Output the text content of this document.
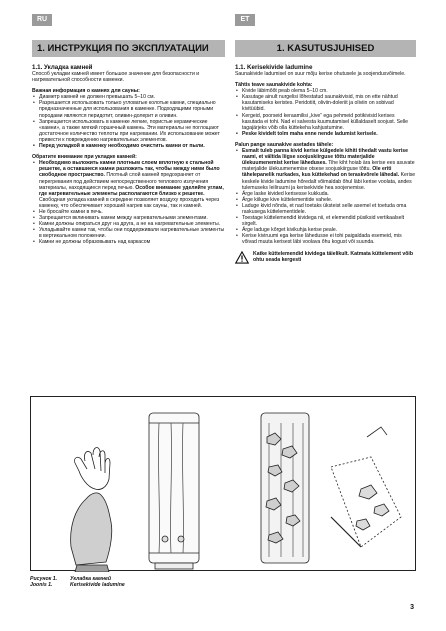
RU	ET
1. ИНСТРУКЦИЯ ПО ЭКСПЛУАТАЦИИ	1. KASUTUSJUHISED
1.1. Укладка камней

Способ укладки камней имеет большое значение для безопасности и нагревательной способности каменки.

Важная информация о камнях для сауны:

• Диаметр камней не должен превышать 5–10 см.
• Разрешается использовать только угловатые колотые камни, специально предназначенные для использования в каменке. Подходящими горными породами являются перидотит, оливин-долерит и оливин.
• Запрещается использовать в каменке легкие, пористые керамические «камни», а также мягкий горшечный камень. Эти материалы не поглощают достаточное количество теплоты при нагревании. Их использование может привести к повреждению нагревательных элементов.
• Перед укладкой в каменку необходимо очистить камни от пыли.

Обратите внимание при укладке камней:

• Необходимо выложить камни плотным слоем вплотную к стальной решетке, а оставшиеся камни разложить так, чтобы между ними было свободное пространство. Плотный слой камней предохраняет от перегревания под действием непосредственного теплового излучения материалы, находящиеся перед печью. Особое внимание уделяйте углам, где нагревательные элементы располагаются близко к решетке. Свободная укладка камней в середине позволяет воздуху проходить через каменку, что обеспечивает хороший нагрев как сауны, так и камней.
• Не бросайте камни в печь.
• Запрещается вклинивать камни между нагревательными элементами.
• Камни должны опираться друг на друга, а не на нагревательные элементы.
• Укладывайте камни так, чтобы они поддерживали нагревательные элементы в вертикальном положении.
• Камни не должны образовывать над каркасом
1.1. Kerisekivide ladumine

Saunakivide ladumisel on suur mõju kerise ohutusele ja soojendusvõimele.

Tähtis teave saunakivide kohta:

• Kivide läbimõõt peab olema 5–10 cm.
• Kasutage ainult nurgelisi lõhestatud saunakivisid, mis on ette nähtud kasutamiseks keristes. Peridotiit, oliviin-doleriit ja oliviin on sobivad kivitüübid.
• Kergeid, poorseid keraamilisi „kive“ ega pehmeid potikivisid kerises kasutada ei tohi. Nad ei salvesta kuumutamisel küllaldaselt soojust. Selle tagajärjeks võib olla küttekeha kahjustumine.
• Peske kividelt tolm maha enne nende ladumist kerisele.

Palun pange saunakive asetades tähele:

• Esmalt tuleb panna kivid kerise külgedele kihiti tihedalt vastu kerise raami, et vältida liigse soojuskiirguse tõttu materjalide ülekuumenemist kerise läheduses. Tihe kiht hoiab ära kerise ees asuvate materjalide ülekuumenemise otsese soojuskiirguse tõttu. Ole eriti tähelepanelik nurkades, kus küttekehad on teraskvõrele lähedal. Kerise keskele kivide ladumine hõredalt võimaldab õhul läbi kerise voolata, andes tulemuseks leiliruumi ja kerisekivide hea soojenemise.
• Ärge laske kivided kerisesse kukkuda.
• Ärge kiiluge kive küttelementide vahele.
• Laduge kivid nõnda, et nad toetaks üksteist selle asemel et toetuda oma raskusega küttelementidele.
• Toestage küttelemendid kividega nii, et elemendid püsiksid vertikaalselt sirgelt.
• Ärge laduge kõrget kivikuhja kerise peale.
• Kerise kiviruumi ega kerise lähedusse ei tohi paigaldada esemeid, mis võivad muuta kerisest läbi voolava õhu kogust või suunda.
Katke küttelemendid kividega täielikult. Katmata küttelement võib ohtu seada kergesti
Рисунок 1. Укладка камней
Joonis 1.	Kerisekivide ladumine
3
